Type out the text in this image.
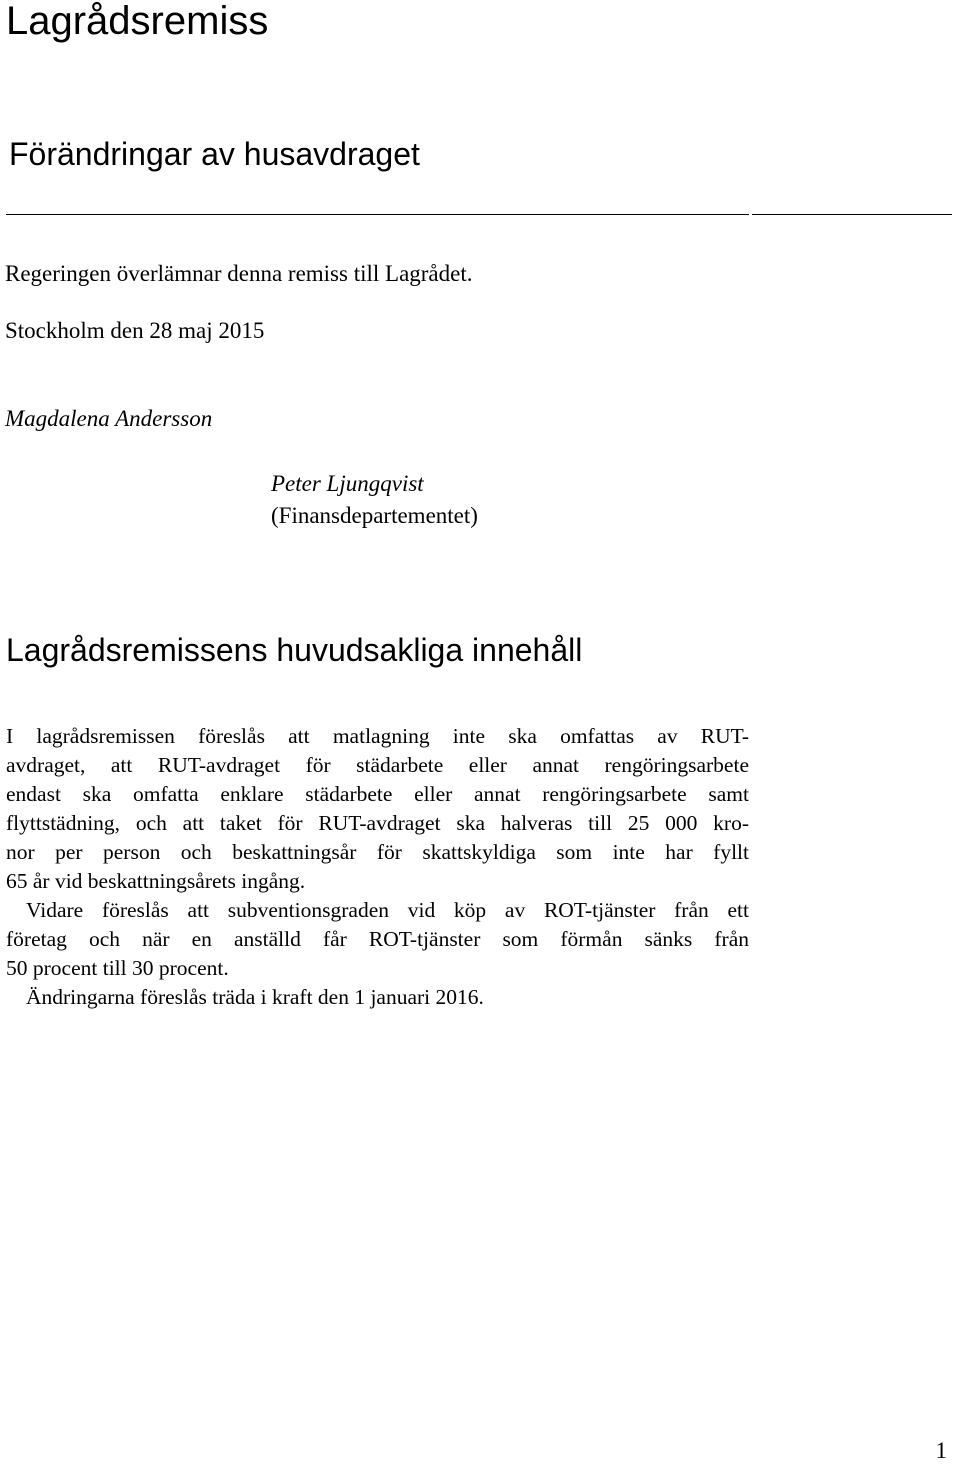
Lagrådsremiss
Förändringar av husavdraget
Regeringen överlämnar denna remiss till Lagrådet.
Stockholm den 28 maj 2015
Magdalena Andersson
Peter Ljungqvist
(Finansdepartementet)
Lagrådsremissens huvudsakliga innehåll
I lagrådsremissen föreslås att matlagning inte ska omfattas av RUT-
avdraget, att RUT-avdraget för städarbete eller annat rengöringsarbete
endast ska omfatta enklare städarbete eller annat rengöringsarbete samt
flyttstädning, och att taket för RUT-avdraget ska halveras till 25 000 kro-
nor per person och beskattningsår för skattskyldiga som inte har fyllt
65 år vid beskattningsårets ingång.
Vidare föreslås att subventionsgraden vid köp av ROT-tjänster från ett
företag och när en anställd får ROT-tjänster som förmån sänks från
50 procent till 30 procent.
Ändringarna föreslås träda i kraft den 1 januari 2016.
1
